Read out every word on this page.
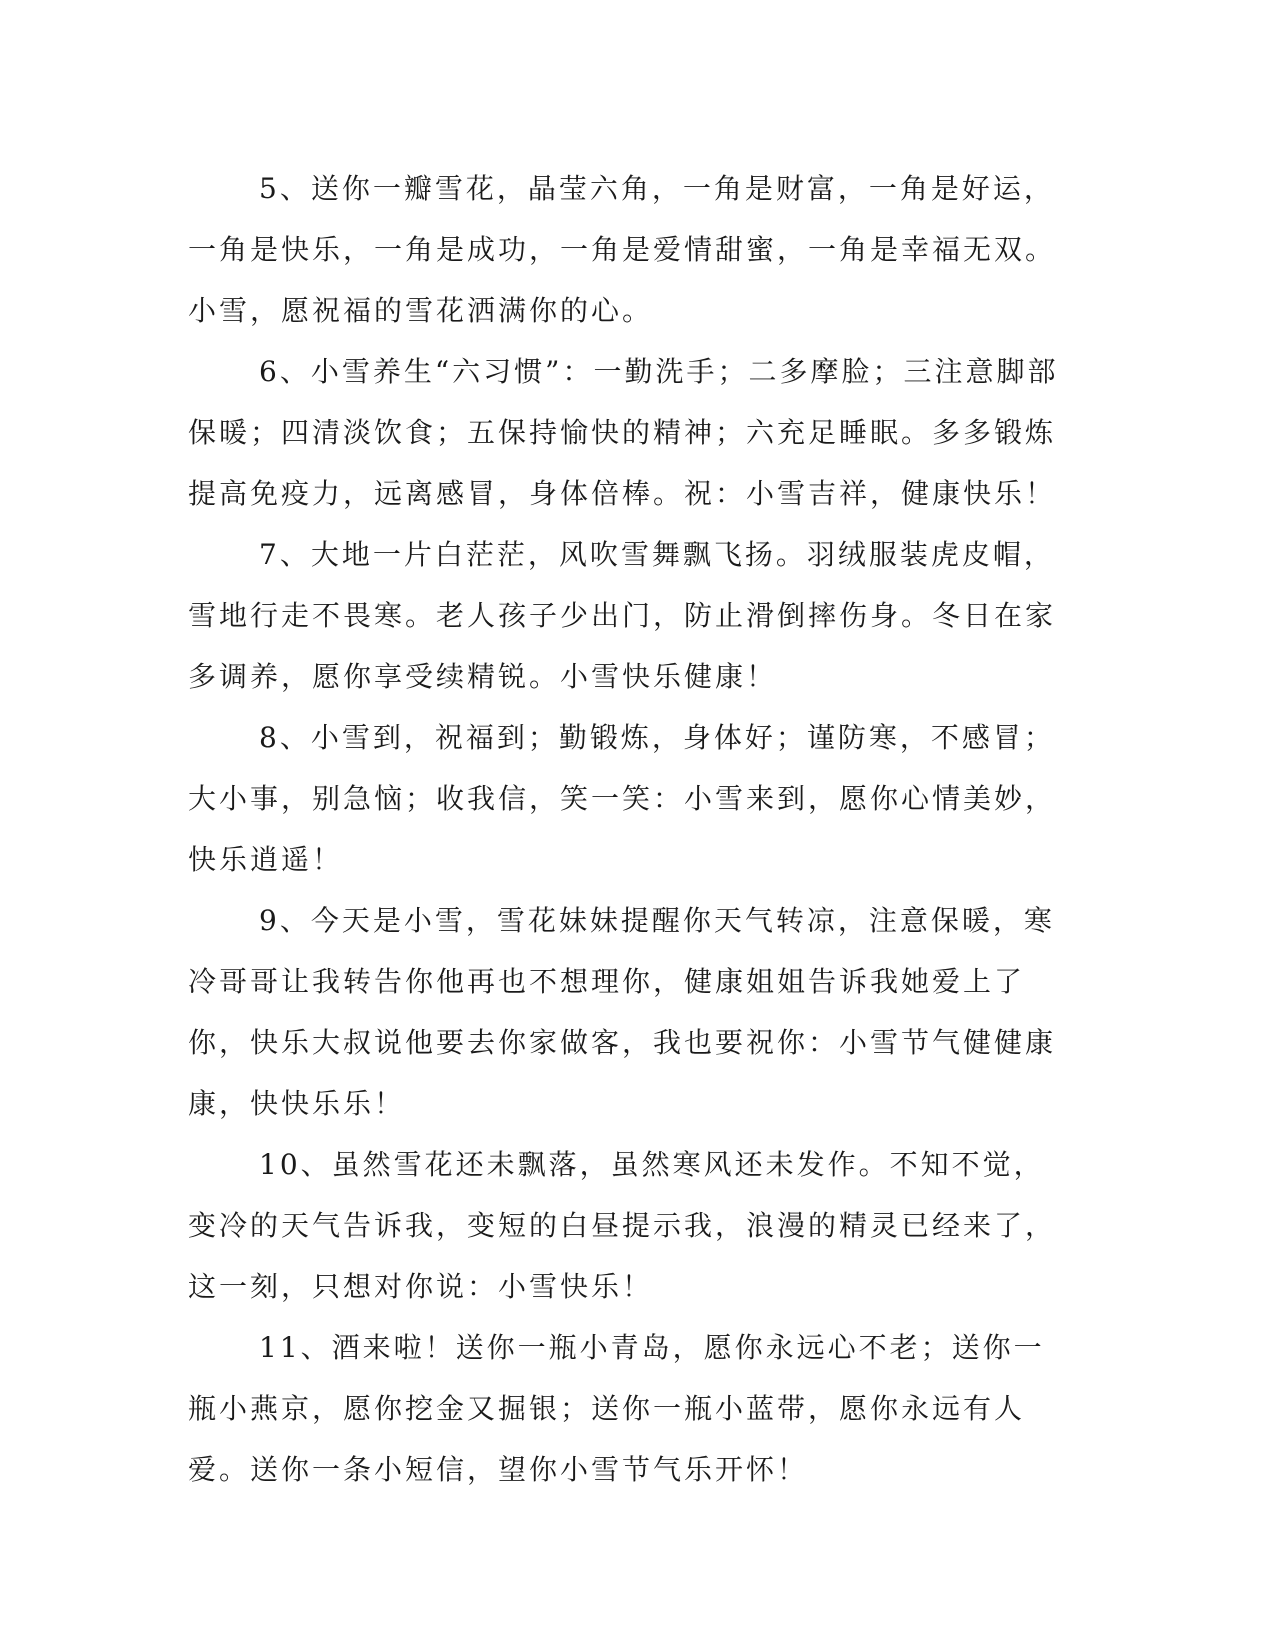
5、送你一瓣雪花，晶莹六角，一角是财富，一角是好运，一角是快乐，一角是成功，一角是爱情甜蜜，一角是幸福无双。小雪，愿祝福的雪花洒满你的心。

6、小雪养生“六习惯”：一勤洗手；二多摩脸；三注意脚部保暖；四清淡饮食；五保持愉快的精神；六充足睡眠。多多锻炼提高免疫力，远离感冒，身体倍棒。祝：小雪吉祥，健康快乐！

7、大地一片白茫茫，风吹雪舞飘飞扬。羽绒服装虎皮帽，雪地行走不畏寒。老人孩子少出门，防止滑倒摔伤身。冬日在家多调养，愿你享受续精锐。小雪快乐健康！

8、小雪到，祝福到；勤锻炼，身体好；谨防寒，不感冒；大小事，别急恼；收我信，笑一笑：小雪来到，愿你心情美妙，快乐逍遥！

9、今天是小雪，雪花妹妹提醒你天气转凉，注意保暖，寒冷哥哥让我转告你他再也不想理你，健康姐姐告诉我她爱上了你，快乐大叔说他要去你家做客，我也要祝你：小雪节气健健康康，快快乐乐！

10、虽然雪花还未飘落，虽然寒风还未发作。不知不觉，变冷的天气告诉我，变短的白昼提示我，浪漫的精灵已经来了，这一刻，只想对你说：小雪快乐！

11、酒来啦！送你一瓶小青岛，愿你永远心不老；送你一瓶小燕京，愿你挖金又掘银；送你一瓶小蓝带，愿你永远有人爱。送你一条小短信，望你小雪节气乐开怀！
